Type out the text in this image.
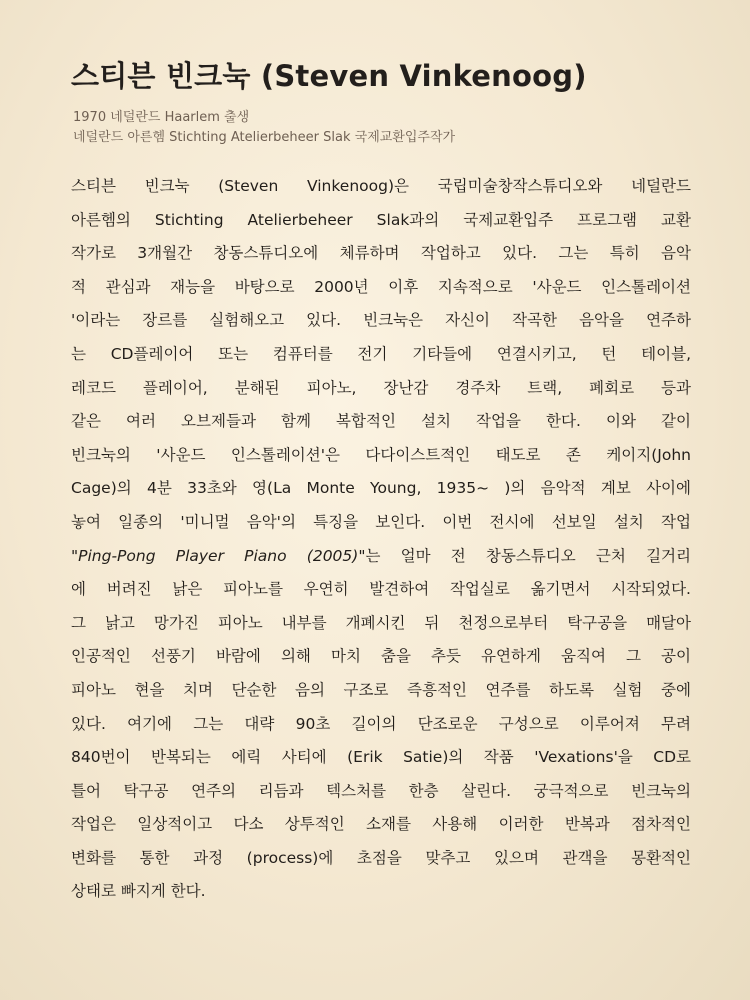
스티븐 빈크눅 (Steven Vinkenoog)
1970 네덜란드 Haarlem 출생
네덜란드 아른헴 Stichting Atelierbeheer Slak 국제교환입주작가
스티븐 빈크눅 (Steven Vinkenoog)은 국립미술창작스튜디오와 네덜란드
아른헴의 Stichting Atelierbeheer Slak과의 국제교환입주 프로그램 교환
작가로 3개월간 창동스튜디오에 체류하며 작업하고 있다. 그는 특히 음악
적 관심과 재능을 바탕으로 2000년 이후 지속적으로 '사운드 인스톨레이션
'이라는 장르를 실험해오고 있다. 빈크눅은 자신이 작곡한 음악을 연주하
는 CD플레이어 또는 컴퓨터를 전기 기타들에 연결시키고, 턴 테이블,
레코드 플레이어, 분해된 피아노, 장난감 경주차 트랙, 폐회로 등과
같은 여러 오브제들과 함께 복합적인 설치 작업을 한다. 이와 같이
빈크눅의 '사운드 인스톨레이션'은 다다이스트적인 태도로 존 케이지(John
Cage)의 4분 33초와 영(La Monte Young, 1935~ )의 음악적 계보 사이에
놓여 일종의 '미니멀 음악'의 특징을 보인다. 이번 전시에 선보일 설치 작업
"Ping-Pong Player Piano (2005)"는 얼마 전 창동스튜디오 근처 길거리
에 버려진 낡은 피아노를 우연히 발견하여 작업실로 옮기면서 시작되었다.
그 낡고 망가진 피아노 내부를 개폐시킨 뒤 천정으로부터 탁구공을 매달아
인공적인 선풍기 바람에 의해 마치 춤을 추듯 유연하게 움직여 그 공이
피아노 현을 치며 단순한 음의 구조로 즉흥적인 연주를 하도록 실험 중에
있다. 여기에 그는 대략 90초 길이의 단조로운 구성으로 이루어져 무려
840번이 반복되는 에릭 사티에 (Erik Satie)의 작품 'Vexations'을 CD로
틀어 탁구공 연주의 리듬과 텍스처를 한층 살린다. 궁극적으로 빈크눅의
작업은 일상적이고 다소 상투적인 소재를 사용해 이러한 반복과 점차적인
변화를 통한 과정 (process)에 초점을 맞추고 있으며 관객을 몽환적인
상태로 빠지게 한다.
